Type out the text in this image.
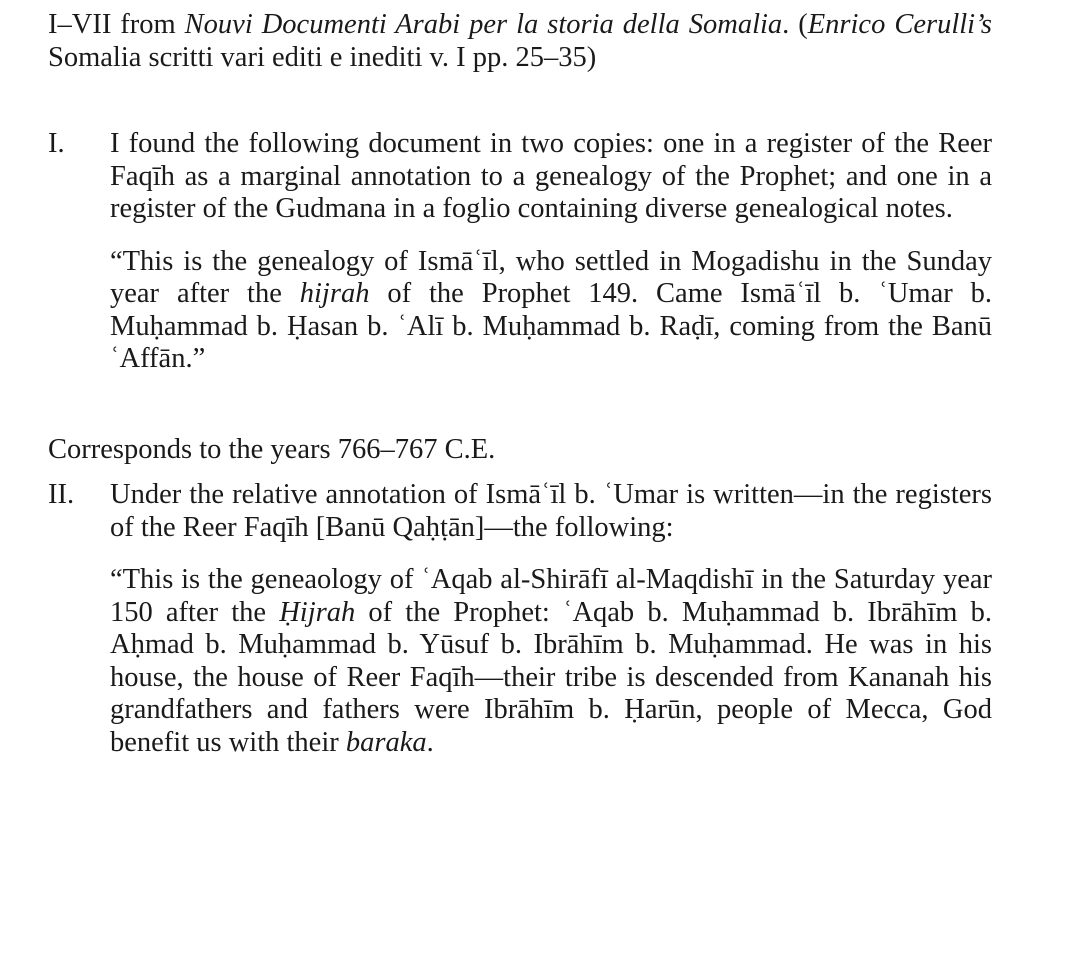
I–VII from Nouvi Documenti Arabi per la storia della Somalia. (Enrico Cerulli’s Somalia scritti vari editi e inediti v. I pp. 25–35)

I. I found the following document in two copies: one in a register of the Reer Faqīh as a marginal annotation to a genealogy of the Prophet; and one in a register of the Gudmana in a foglio containing diverse genealogical notes.

“This is the genealogy of Ismāʿīl, who settled in Mogadishu in the Sunday year after the hijrah of the Prophet 149. Came Ismāʿīl b. ʿUmar b. Muḥammad b. Ḥasan b. ʿAlī b. Muḥammad b. Raḍī, coming from the Banū ʿAffān.”

Corresponds to the years 766–767 C.E.

II. Under the relative annotation of Ismāʿīl b. ʿUmar is written—in the registers of the Reer Faqīh [Banū Qaḥṭān]—the following:

“This is the geneaology of ʿAqab al-Shirāfī al-Maqdishī in the Saturday year 150 after the Ḥijrah of the Prophet: ʿAqab b. Muḥammad b. Ibrāhīm b. Aḥmad b. Muḥammad b. Yūsuf b. Ibrāhīm b. Muḥammad. He was in his house, the house of Reer Faqīh—their tribe is descended from Kananah his grandfathers and fathers were Ibrāhīm b. Ḥarūn, people of Mecca, God benefit us with their baraka.
